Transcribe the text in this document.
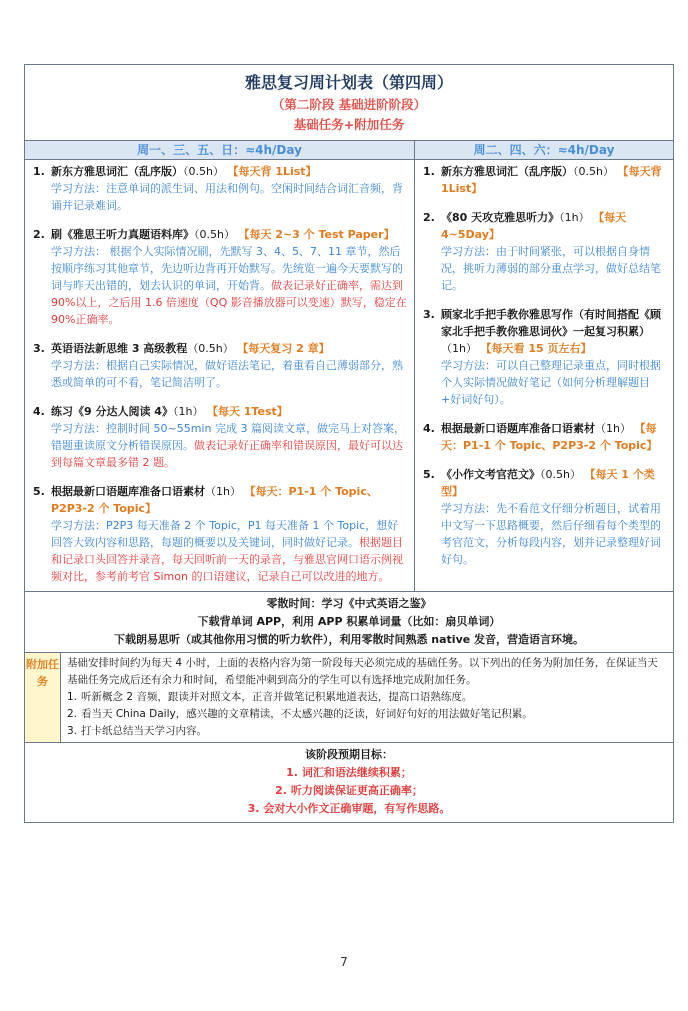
雅思复习周计划表（第四周）
（第二阶段 基础进阶阶段）
基础任务+附加任务
周一、三、五、日：≈4h/Day
1. 新东方雅思词汇（乱序版）（0.5h） 【每天背 1List】
学习方法：注意单词的派生词、用法和例句。空闲时间结合词汇音频，背诵并记录难词。
2. 刷《雅思王听力真题语料库》（0.5h） 【每天 2~3 个 Test Paper】
学习方法： 根据个人实际情况刷，先默写 3、4、5、7、11 章节，然后按顺序练习其他章节，先边听边背再开始默写。先统览一遍今天要默写的词与昨天出错的，划去认识的单词，开始背。做表记录好正确率，需达到 90%以上，之后用 1.6 倍速度（QQ 影音播放器可以变速）默写，稳定在 90%正确率。
3. 英语语法新思维 3 高级教程（0.5h） 【每天复习 2 章】
学习方法：根据自己实际情况，做好语法笔记，着重看自己薄弱部分，熟悉或简单的可不看，笔记简洁明了。
4. 练习《9 分达人阅读 4》（1h） 【每天 1Test】
学习方法：控制时间 50~55min 完成 3 篇阅读文章，做完马上对答案，错题重读原文分析错误原因。做表记录好正确率和错误原因，最好可以达到每篇文章最多错 2 题。
5. 根据最新口语题库准备口语素材（1h） 【每天：P1-1 个 Topic、P2P3-2 个 Topic】
学习方法：P2P3 每天准备 2 个 Topic，P1 每天准备 1 个 Topic，想好回答大致内容和思路，每题的概要以及关键词，同时做好记录。根据题目和记录口头回答并录音，每天回听前一天的录音，与雅思官网口语示例视频对比，参考前考官 Simon 的口语建议，记录自己可以改进的地方。
周二、四、六：≈4h/Day
1. 新东方雅思词汇（乱序版）（0.5h） 【每天背 1List】
2. 《80 天攻克雅思听力》（1h） 【每天 4~5Day】
学习方法：由于时间紧张，可以根据自身情况，挑听力薄弱的部分重点学习，做好总结笔记。
3. 顾家北手把手教你雅思写作（有时间搭配《顾家北手把手教你雅思词伙》一起复习积累）（1h） 【每天看 15 页左右】
学习方法：可以自己整理记录重点，同时根据个人实际情况做好笔记（如何分析理解题目+好词好句）。
4. 根据最新口语题库准备口语素材（1h） 【每天：P1-1 个 Topic、P2P3-2 个 Topic】
5. 《小作文考官范文》（0.5h） 【每天 1 个类型】
学习方法：先不看范文仔细分析题目，试着用中文写一下思路概要，然后仔细看每个类型的考官范文，分析每段内容，划并记录整理好词好句。
零散时间：学习《中式英语之鉴》
下载背单词 APP，利用 APP 积累单词量（比如：扇贝单词）
下载朗易思听（或其他你用习惯的听力软件），利用零散时间熟悉 native 发音，营造语言环境。
附加任务
基础安排时间约为每天 4 小时，上面的表格内容为第一阶段每天必须完成的基础任务。以下列出的任务为附加任务，在保证当天基础任务完成后还有余力和时间，希望能冲刺到高分的学生可以有选择地完成附加任务。
1. 听新概念 2 音频，跟读并对照文本，正音并做笔记积累地道表达，提高口语熟练度。
2. 看当天 China Daily，感兴趣的文章精读，不太感兴趣的泛读，好词好句好的用法做好笔记积累。
3. 打卡纸总结当天学习内容。
该阶段预期目标：
1. 词汇和语法继续积累；
2. 听力阅读保证更高正确率；
3. 会对大小作文正确审题，有写作思路。
7
